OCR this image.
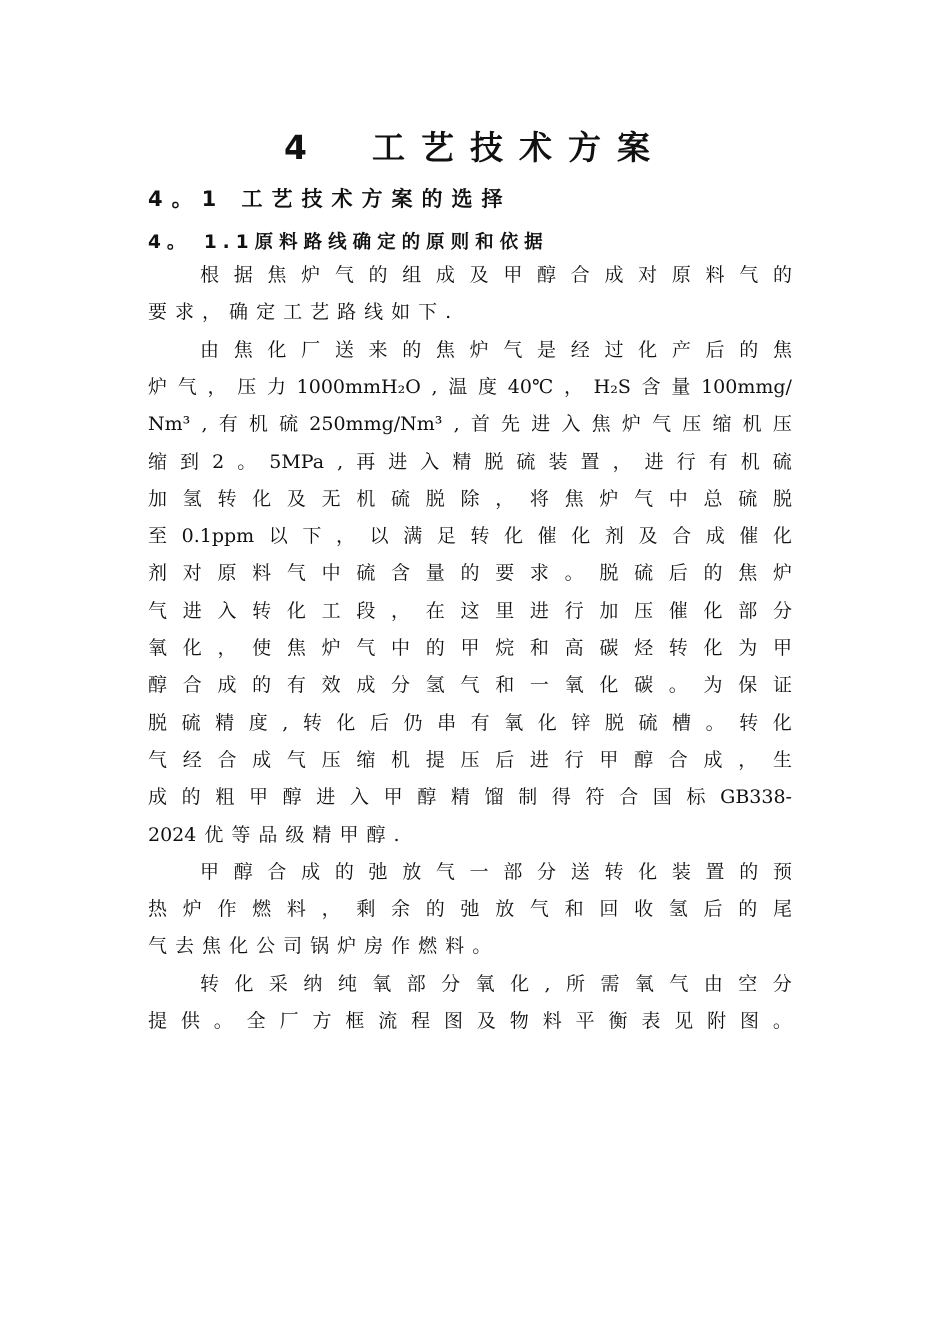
4　工艺技术方案
4。1 工艺技术方案的选择
4。 1.1原料路线确定的原则和依据
根 据 焦 炉 气 的 组 成 及 甲 醇 合 成 对 原 料 气 的
要 求 ， 确 定 工 艺 路 线 如 下 .
由 焦 化 厂 送 来 的 焦 炉 气 是 经 过 化 产 后 的 焦
炉 气 ， 压 力 1000mmH₂O , 温 度 40℃ ， H₂S 含 量 100mmg/
Nm³ , 有 机 硫 250mmg/Nm³ , 首 先 进 入 焦 炉 气 压 缩 机 压
缩 到 2 。 5MPa , 再 进 入 精 脱 硫 装 置 ， 进 行 有 机 硫
加 氢 转 化 及 无 机 硫 脱 除 ， 将 焦 炉 气 中 总 硫 脱
至 0.1ppm 以 下 ， 以 满 足 转 化 催 化 剂 及 合 成 催 化
剂 对 原 料 气 中 硫 含 量 的 要 求 。 脱 硫 后 的 焦 炉
气 进 入 转 化 工 段 ， 在 这 里 进 行 加 压 催 化 部 分
氧 化 ， 使 焦 炉 气 中 的 甲 烷 和 高 碳 烃 转 化 为 甲
醇 合 成 的 有 效 成 分 氢 气 和 一 氧 化 碳 。 为 保 证
脱 硫 精 度 , 转 化 后 仍 串 有 氧 化 锌 脱 硫 槽 。 转 化
气 经 合 成 气 压 缩 机 提 压 后 进 行 甲 醇 合 成 ， 生
成 的 粗 甲 醇 进 入 甲 醇 精 馏 制 得 符 合 国 标 GB338-
2024 优 等 品 级 精 甲 醇 .
甲 醇 合 成 的 弛 放 气 一 部 分 送 转 化 装 置 的 预
热 炉 作 燃 料 ， 剩 余 的 弛 放 气 和 回 收 氢 后 的 尾
气 去 焦 化 公 司 锅 炉 房 作 燃 料 。
转 化 采 纳 纯 氧 部 分 氧 化 , 所 需 氧 气 由 空 分
提 供 。 全 厂 方 框 流 程 图 及 物 料 平 衡 表 见 附 图 。
